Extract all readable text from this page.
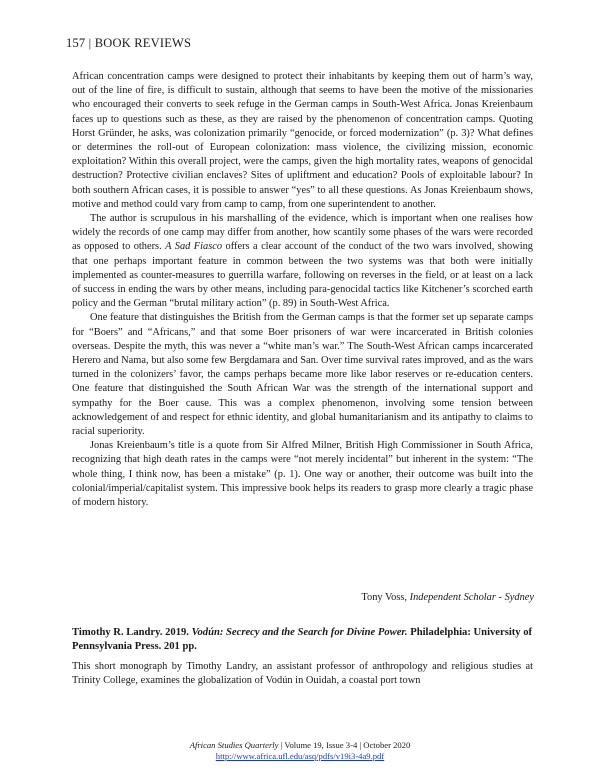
157 | BOOK REVIEWS

African concentration camps were designed to protect their inhabitants by keeping them out of harm’s way, out of the line of fire, is difficult to sustain, although that seems to have been the motive of the missionaries who encouraged their converts to seek refuge in the German camps in South-West Africa. Jonas Kreienbaum faces up to questions such as these, as they are raised by the phenomenon of concentration camps. Quoting Horst Gründer, he asks, was colonization primarily “genocide, or forced modernization” (p. 3)? What defines or determines the roll-out of European colonization: mass violence, the civilizing mission, economic exploitation? Within this overall project, were the camps, given the high mortality rates, weapons of genocidal destruction? Protective civilian enclaves? Sites of upliftment and education? Pools of exploitable labour? In both southern African cases, it is possible to answer “yes” to all these questions. As Jonas Kreienbaum shows, motive and method could vary from camp to camp, from one superintendent to another.

The author is scrupulous in his marshalling of the evidence, which is important when one realises how widely the records of one camp may differ from another, how scantily some phases of the wars were recorded as opposed to others. A Sad Fiasco offers a clear account of the conduct of the two wars involved, showing that one perhaps important feature in common between the two systems was that both were initially implemented as counter-measures to guerrilla warfare, following on reverses in the field, or at least on a lack of success in ending the wars by other means, including para-genocidal tactics like Kitchener’s scorched earth policy and the German “brutal military action” (p. 89) in South-West Africa.

One feature that distinguishes the British from the German camps is that the former set up separate camps for “Boers” and “Africans,” and that some Boer prisoners of war were incarcerated in British colonies overseas. Despite the myth, this was never a “white man’s war.” The South-West African camps incarcerated Herero and Nama, but also some few Bergdamara and San. Over time survival rates improved, and as the wars turned in the colonizers’ favor, the camps perhaps became more like labor reserves or re-education centers. One feature that distinguished the South African War was the strength of the international support and sympathy for the Boer cause. This was a complex phenomenon, involving some tension between acknowledgement of and respect for ethnic identity, and global humanitarianism and its antipathy to claims to racial superiority.

Jonas Kreienbaum’s title is a quote from Sir Alfred Milner, British High Commissioner in South Africa, recognizing that high death rates in the camps were “not merely incidental” but inherent in the system: “The whole thing, I think now, has been a mistake” (p. 1). One way or another, their outcome was built into the colonial/imperial/capitalist system. This impressive book helps its readers to grasp more clearly a tragic phase of modern history.

Tony Voss, Independent Scholar - Sydney
Timothy R. Landry. 2019. Vodún: Secrecy and the Search for Divine Power. Philadelphia: University of Pennsylvania Press. 201 pp.

This short monograph by Timothy Landry, an assistant professor of anthropology and religious studies at Trinity College, examines the globalization of Vodún in Ouidah, a coastal port town

African Studies Quarterly | Volume 19, Issue 3-4 | October 2020
http://www.africa.ufl.edu/asq/pdfs/v19i3-4a9.pdf
